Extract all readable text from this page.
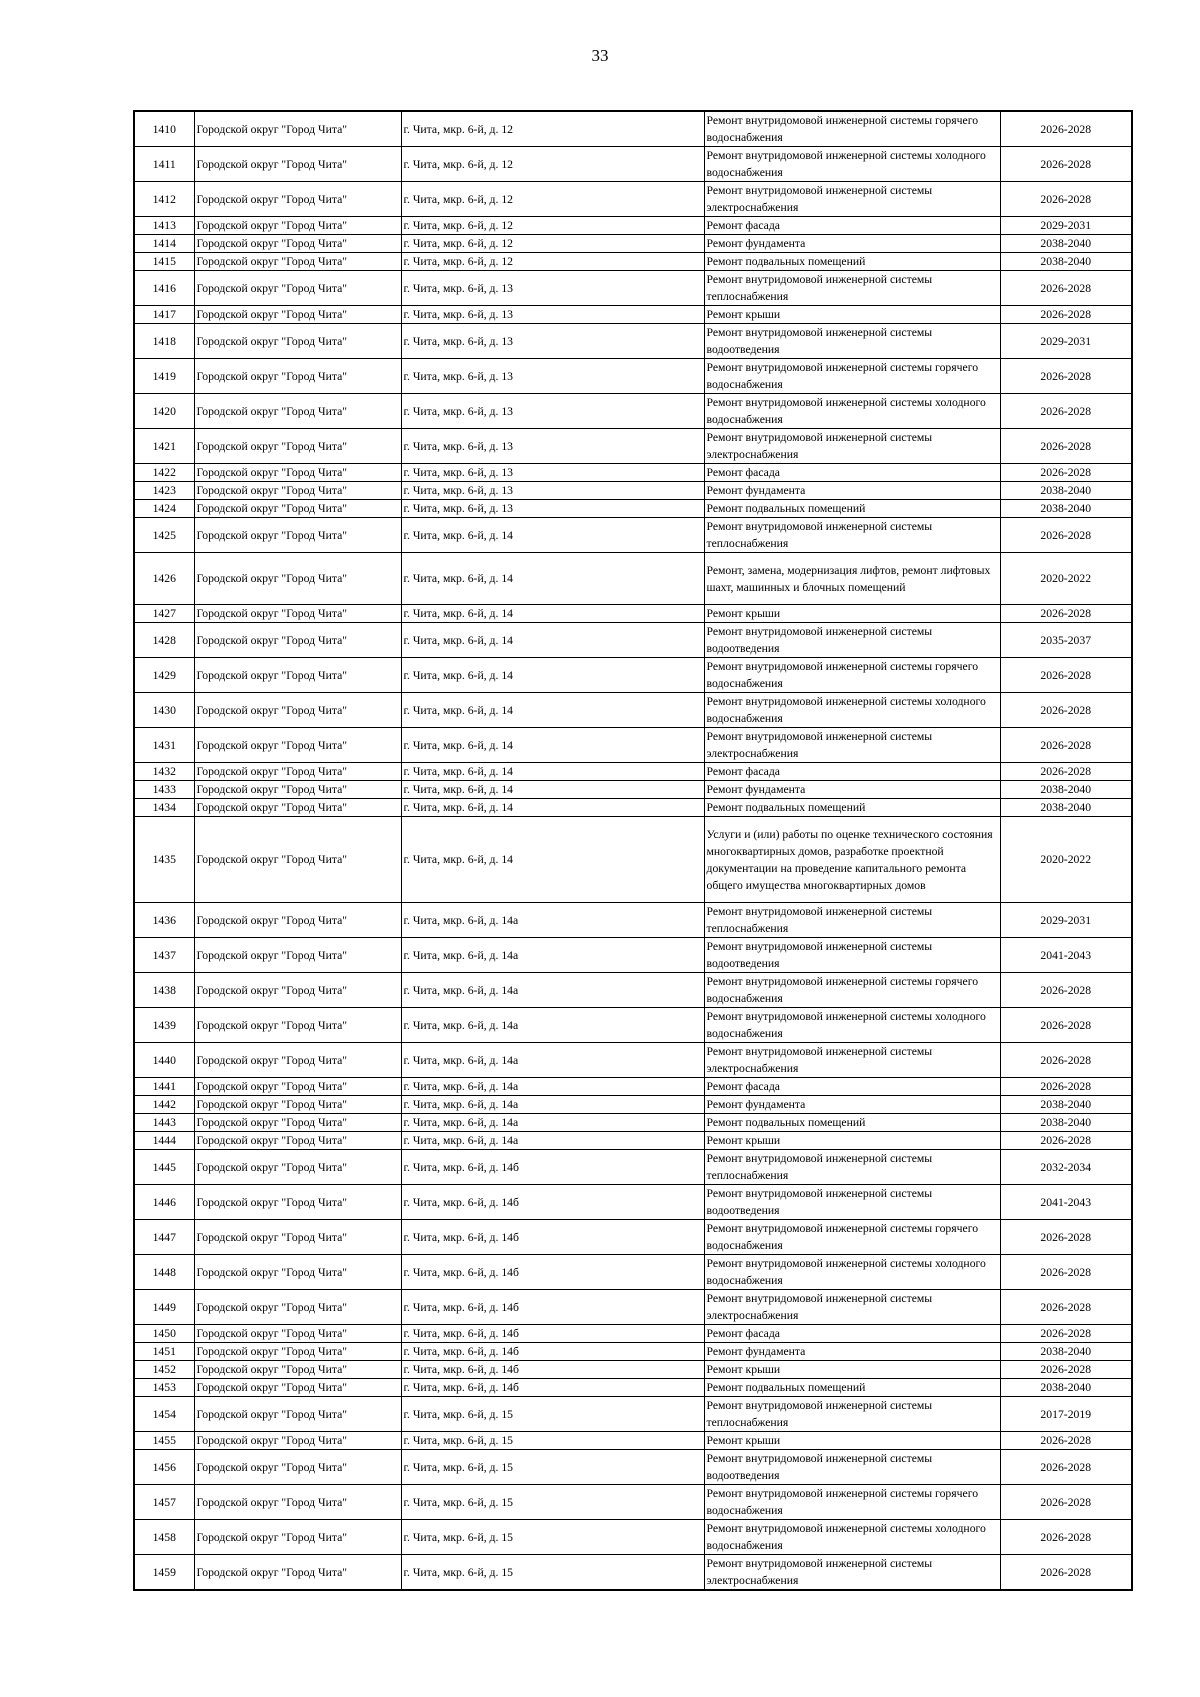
33
1410	Городской округ "Город Чита"	г. Чита, мкр. 6-й, д. 12	Ремонт внутридомовой инженерной системы горячего водоснабжения	2026-2028
1411	Городской округ "Город Чита"	г. Чита, мкр. 6-й, д. 12	Ремонт внутридомовой инженерной системы холодного водоснабжения	2026-2028
1412	Городской округ "Город Чита"	г. Чита, мкр. 6-й, д. 12	Ремонт внутридомовой инженерной системы электроснабжения	2026-2028
1413	Городской округ "Город Чита"	г. Чита, мкр. 6-й, д. 12	Ремонт фасада	2029-2031
1414	Городской округ "Город Чита"	г. Чита, мкр. 6-й, д. 12	Ремонт фундамента	2038-2040
1415	Городской округ "Город Чита"	г. Чита, мкр. 6-й, д. 12	Ремонт подвальных помещений	2038-2040
1416	Городской округ "Город Чита"	г. Чита, мкр. 6-й, д. 13	Ремонт внутридомовой инженерной системы теплоснабжения	2026-2028
1417	Городской округ "Город Чита"	г. Чита, мкр. 6-й, д. 13	Ремонт крыши	2026-2028
1418	Городской округ "Город Чита"	г. Чита, мкр. 6-й, д. 13	Ремонт внутридомовой инженерной системы водоотведения	2029-2031
1419	Городской округ "Город Чита"	г. Чита, мкр. 6-й, д. 13	Ремонт внутридомовой инженерной системы горячего водоснабжения	2026-2028
1420	Городской округ "Город Чита"	г. Чита, мкр. 6-й, д. 13	Ремонт внутридомовой инженерной системы холодного водоснабжения	2026-2028
1421	Городской округ "Город Чита"	г. Чита, мкр. 6-й, д. 13	Ремонт внутридомовой инженерной системы электроснабжения	2026-2028
1422	Городской округ "Город Чита"	г. Чита, мкр. 6-й, д. 13	Ремонт фасада	2026-2028
1423	Городской округ "Город Чита"	г. Чита, мкр. 6-й, д. 13	Ремонт фундамента	2038-2040
1424	Городской округ "Город Чита"	г. Чита, мкр. 6-й, д. 13	Ремонт подвальных помещений	2038-2040
1425	Городской округ "Город Чита"	г. Чита, мкр. 6-й, д. 14	Ремонт внутридомовой инженерной системы теплоснабжения	2026-2028
1426	Городской округ "Город Чита"	г. Чита, мкр. 6-й, д. 14	Ремонт, замена, модернизация лифтов, ремонт лифтовых шахт, машинных и блочных помещений	2020-2022
1427	Городской округ "Город Чита"	г. Чита, мкр. 6-й, д. 14	Ремонт крыши	2026-2028
1428	Городской округ "Город Чита"	г. Чита, мкр. 6-й, д. 14	Ремонт внутридомовой инженерной системы водоотведения	2035-2037
1429	Городской округ "Город Чита"	г. Чита, мкр. 6-й, д. 14	Ремонт внутридомовой инженерной системы горячего водоснабжения	2026-2028
1430	Городской округ "Город Чита"	г. Чита, мкр. 6-й, д. 14	Ремонт внутридомовой инженерной системы холодного водоснабжения	2026-2028
1431	Городской округ "Город Чита"	г. Чита, мкр. 6-й, д. 14	Ремонт внутридомовой инженерной системы электроснабжения	2026-2028
1432	Городской округ "Город Чита"	г. Чита, мкр. 6-й, д. 14	Ремонт фасада	2026-2028
1433	Городской округ "Город Чита"	г. Чита, мкр. 6-й, д. 14	Ремонт фундамента	2038-2040
1434	Городской округ "Город Чита"	г. Чита, мкр. 6-й, д. 14	Ремонт подвальных помещений	2038-2040
1435	Городской округ "Город Чита"	г. Чита, мкр. 6-й, д. 14	Услуги и (или) работы по оценке технического состояния многоквартирных домов, разработке проектной документации на проведение капитального ремонта общего имущества многоквартирных домов	2020-2022
1436	Городской округ "Город Чита"	г. Чита, мкр. 6-й, д. 14а	Ремонт внутридомовой инженерной системы теплоснабжения	2029-2031
1437	Городской округ "Город Чита"	г. Чита, мкр. 6-й, д. 14а	Ремонт внутридомовой инженерной системы водоотведения	2041-2043
1438	Городской округ "Город Чита"	г. Чита, мкр. 6-й, д. 14а	Ремонт внутридомовой инженерной системы горячего водоснабжения	2026-2028
1439	Городской округ "Город Чита"	г. Чита, мкр. 6-й, д. 14а	Ремонт внутридомовой инженерной системы холодного водоснабжения	2026-2028
1440	Городской округ "Город Чита"	г. Чита, мкр. 6-й, д. 14а	Ремонт внутридомовой инженерной системы электроснабжения	2026-2028
1441	Городской округ "Город Чита"	г. Чита, мкр. 6-й, д. 14а	Ремонт фасада	2026-2028
1442	Городской округ "Город Чита"	г. Чита, мкр. 6-й, д. 14а	Ремонт фундамента	2038-2040
1443	Городской округ "Город Чита"	г. Чита, мкр. 6-й, д. 14а	Ремонт подвальных помещений	2038-2040
1444	Городской округ "Город Чита"	г. Чита, мкр. 6-й, д. 14а	Ремонт крыши	2026-2028
1445	Городской округ "Город Чита"	г. Чита, мкр. 6-й, д. 14б	Ремонт внутридомовой инженерной системы теплоснабжения	2032-2034
1446	Городской округ "Город Чита"	г. Чита, мкр. 6-й, д. 14б	Ремонт внутридомовой инженерной системы водоотведения	2041-2043
1447	Городской округ "Город Чита"	г. Чита, мкр. 6-й, д. 14б	Ремонт внутридомовой инженерной системы горячего водоснабжения	2026-2028
1448	Городской округ "Город Чита"	г. Чита, мкр. 6-й, д. 14б	Ремонт внутридомовой инженерной системы холодного водоснабжения	2026-2028
1449	Городской округ "Город Чита"	г. Чита, мкр. 6-й, д. 14б	Ремонт внутридомовой инженерной системы электроснабжения	2026-2028
1450	Городской округ "Город Чита"	г. Чита, мкр. 6-й, д. 14б	Ремонт фасада	2026-2028
1451	Городской округ "Город Чита"	г. Чита, мкр. 6-й, д. 14б	Ремонт фундамента	2038-2040
1452	Городской округ "Город Чита"	г. Чита, мкр. 6-й, д. 14б	Ремонт крыши	2026-2028
1453	Городской округ "Город Чита"	г. Чита, мкр. 6-й, д. 14б	Ремонт подвальных помещений	2038-2040
1454	Городской округ "Город Чита"	г. Чита, мкр. 6-й, д. 15	Ремонт внутридомовой инженерной системы теплоснабжения	2017-2019
1455	Городской округ "Город Чита"	г. Чита, мкр. 6-й, д. 15	Ремонт крыши	2026-2028
1456	Городской округ "Город Чита"	г. Чита, мкр. 6-й, д. 15	Ремонт внутридомовой инженерной системы водоотведения	2026-2028
1457	Городской округ "Город Чита"	г. Чита, мкр. 6-й, д. 15	Ремонт внутридомовой инженерной системы горячего водоснабжения	2026-2028
1458	Городской округ "Город Чита"	г. Чита, мкр. 6-й, д. 15	Ремонт внутридомовой инженерной системы холодного водоснабжения	2026-2028
1459	Городской округ "Город Чита"	г. Чита, мкр. 6-й, д. 15	Ремонт внутридомовой инженерной системы электроснабжения	2026-2028
